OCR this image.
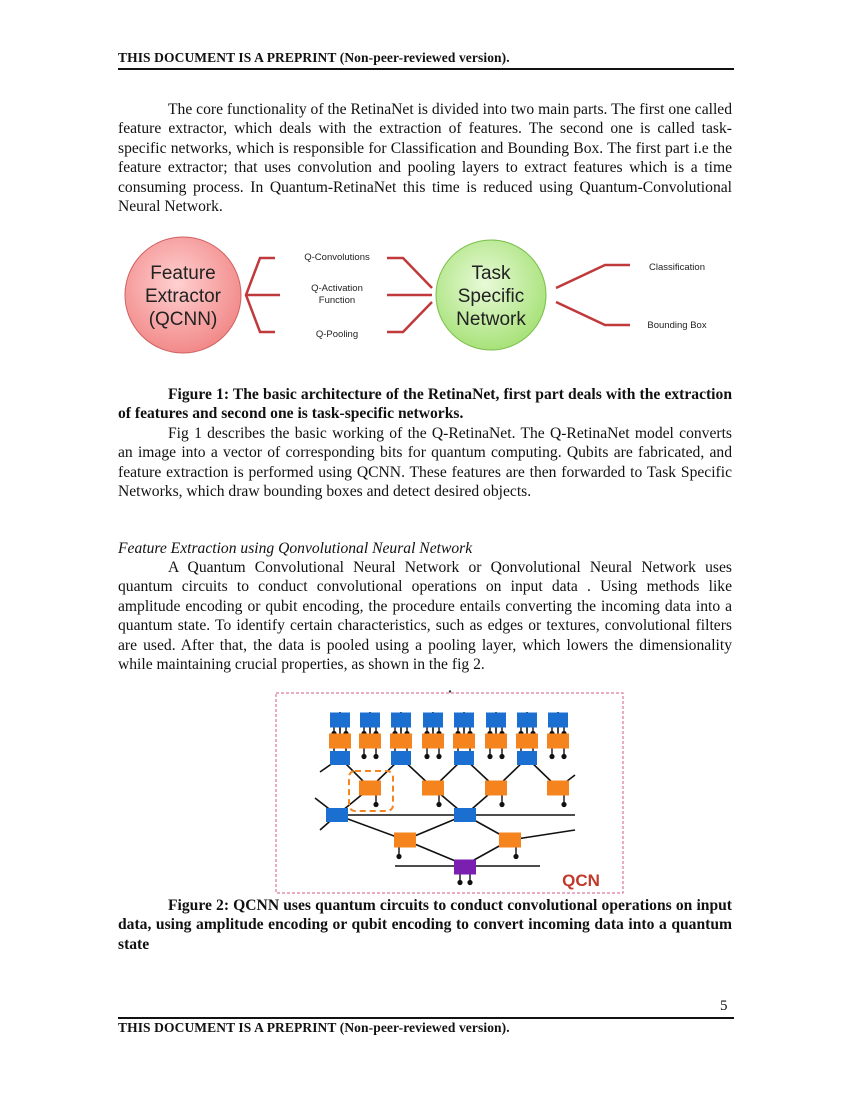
THIS DOCUMENT IS A PREPRINT (Non-peer-reviewed version).

The core functionality of the RetinaNet is divided into two main parts. The first one called feature extractor, which deals with the extraction of features. The second one is called task-specific networks, which is responsible for Classification and Bounding Box. The first part i.e the feature extractor; that uses convolution and pooling layers to extract features which is a time consuming process. In Quantum-RetinaNet this time is reduced using Quantum-Convolutional Neural Network.

Feature
Extractor
(QCNN)
Q-Convolutions
Q-Activation
Function
Q-Pooling
Task
Specific
Network
Classification
Bounding Box

Figure 1: The basic architecture of the RetinaNet, first part deals with the extraction of features and second one is task-specific networks.

Fig 1 describes the basic working of the Q-RetinaNet. The Q-RetinaNet model converts an image into a vector of corresponding bits for quantum computing. Qubits are fabricated, and feature extraction is performed using QCNN. These features are then forwarded to Task Specific Networks, which draw bounding boxes and detect desired objects.

Feature Extraction using Qonvolutional Neural Network

A Quantum Convolutional Neural Network or Qonvolutional Neural Network uses quantum circuits to conduct convolutional operations on input data . Using methods like amplitude encoding or qubit encoding, the procedure entails converting the incoming data into a quantum state. To identify certain characteristics, such as edges or textures, convolutional filters are used. After that, the data is pooled using a pooling layer, which lowers the dimensionality while maintaining crucial properties, as shown in the fig 2.

QCN

Figure 2: QCNN uses quantum circuits to conduct convolutional operations on input data, using amplitude encoding or qubit encoding to convert incoming data into a quantum state

5
THIS DOCUMENT IS A PREPRINT (Non-peer-reviewed version).
